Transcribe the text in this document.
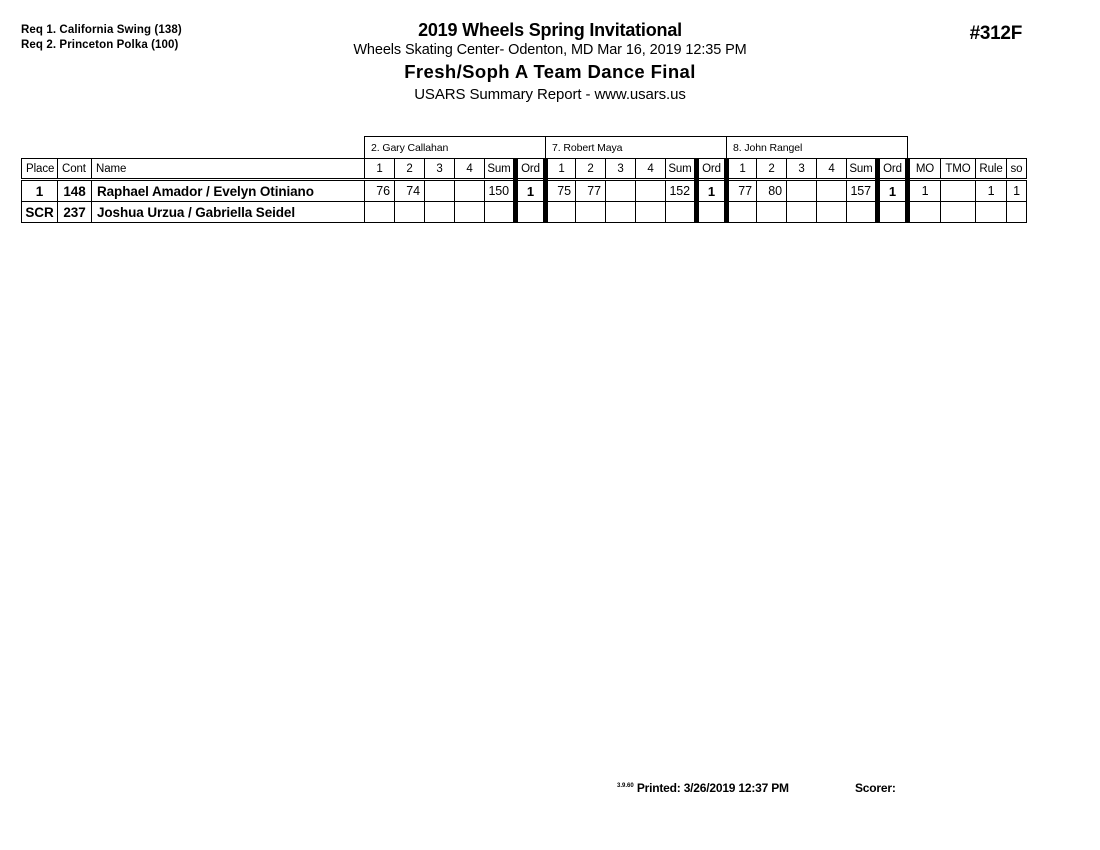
Req 1. California Swing (138)
Req 2. Princeton Polka (100)
2019 Wheels Spring Invitational
Wheels Skating Center- Odenton, MD Mar 16, 2019 12:35 PM
Fresh/Soph A Team Dance Final
USARS Summary Report - www.usars.us
#312F
			2. Gary Callahan						7. Robert Maya						8. John Rangel									
Place	Cont	Name	1	2	3	4	Sum	Ord	1	2	3	4	Sum	Ord	1	2	3	4	Sum	Ord	MO	TMO	Rule	so
1	148	Raphael Amador / Evelyn Otiniano	76	74			150	1	75	77			152	1	77	80			157	1	1		1	1
SCR	237	Joshua Urzua / Gabriella Seidel																						
$^{3.9.60}$ Printed: 3/26/2019 12:37 PM	Scorer:
